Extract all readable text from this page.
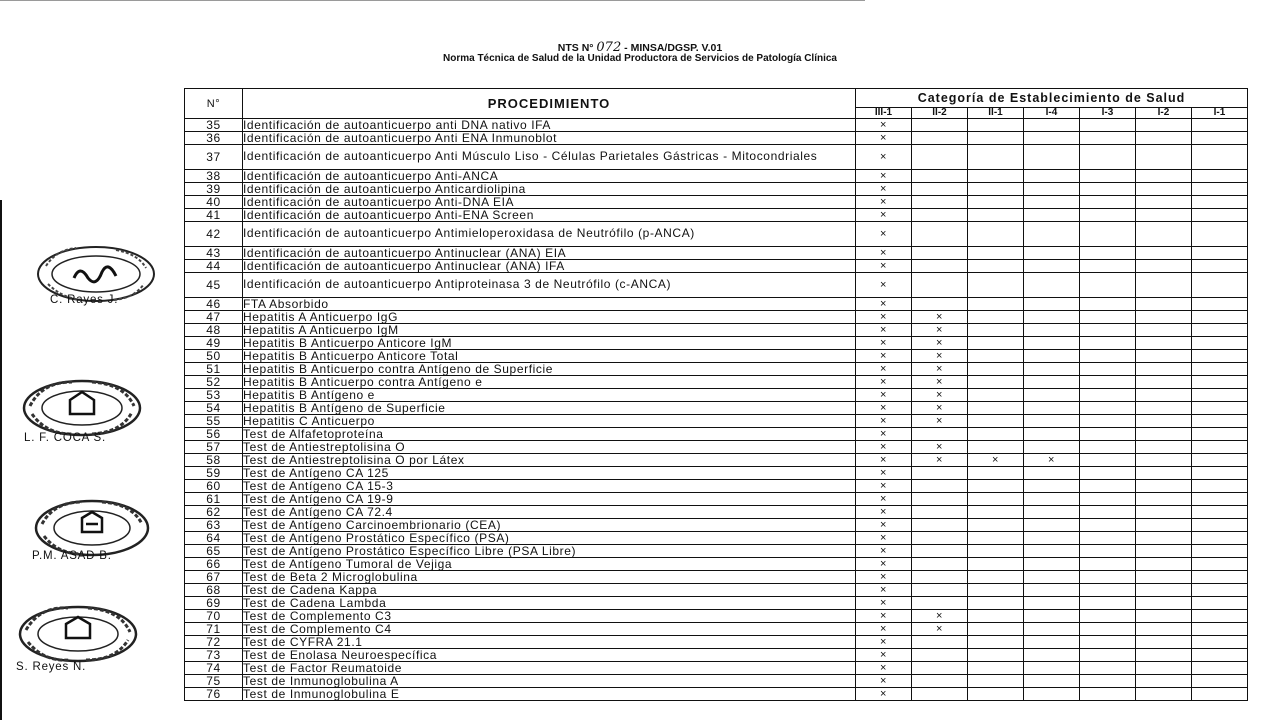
NTS N° 072 - MINSA/DGSP. V.01
Norma Técnica de Salud de la Unidad Productora de Servicios de Patología Clínica
N°	PROCEDIMIENTO	Categoría de Establecimiento de Salud						
		III-1	II-2	II-1	I-4	I-3	I-2	I-1
35	Identificación de autoanticuerpo anti DNA nativo IFA	×						
36	Identificación de autoanticuerpo Anti ENA Inmunoblot	×						
37	Identificación de autoanticuerpo Anti Músculo Liso - Células Parietales Gástricas - Mitocondriales	×						
38	Identificación de autoanticuerpo Anti-ANCA	×						
39	Identificación de autoanticuerpo Anticardiolipina	×						
40	Identificación de autoanticuerpo Anti-DNA EIA	×						
41	Identificación de autoanticuerpo Anti-ENA Screen	×						
42	Identificación de autoanticuerpo Antimieloperoxidasa de Neutrófilo (p-ANCA)	×						
43	Identificación de autoanticuerpo Antinuclear (ANA) EIA	×						
44	Identificación de autoanticuerpo Antinuclear (ANA) IFA	×						
45	Identificación de autoanticuerpo Antiproteinasa 3 de Neutrófilo (c-ANCA)	×						
46	FTA Absorbido	×						
47	Hepatitis A Anticuerpo IgG	×	×					
48	Hepatitis A Anticuerpo IgM	×	×					
49	Hepatitis B Anticuerpo Anticore IgM	×	×					
50	Hepatitis B Anticuerpo Anticore Total	×	×					
51	Hepatitis B Anticuerpo contra Antígeno de Superficie	×	×					
52	Hepatitis B Anticuerpo contra Antígeno e	×	×					
53	Hepatitis B Antígeno e	×	×					
54	Hepatitis B Antígeno de Superficie	×	×					
55	Hepatitis C Anticuerpo	×	×					
56	Test de Alfafetoproteína	×						
57	Test de Antiestreptolisina O	×	×					
58	Test de Antiestreptolisina O por Látex	×	×	×	×			
59	Test de Antígeno CA 125	×						
60	Test de Antígeno CA 15-3	×						
61	Test de Antígeno CA 19-9	×						
62	Test de Antígeno CA 72.4	×						
63	Test de Antígeno Carcinoembrionario (CEA)	×						
64	Test de Antígeno Prostático Específico (PSA)	×						
65	Test de Antígeno Prostático Específico Libre (PSA Libre)	×						
66	Test de Antígeno Tumoral de Vejiga	×						
67	Test de Beta 2 Microglobulina	×						
68	Test de Cadena Kappa	×						
69	Test de Cadena Lambda	×						
70	Test de Complemento C3	×	×					
71	Test de Complemento C4	×	×					
72	Test de CYFRA 21.1	×						
73	Test de Enolasa Neuroespecífica	×						
74	Test de Factor Reumatoide	×						
75	Test de Inmunoglobulina A	×						
76	Test de Inmunoglobulina E	×						
C. Rayes J.
L. F. COCA S.
P.M. ASAD B.
S. Reyes N.
